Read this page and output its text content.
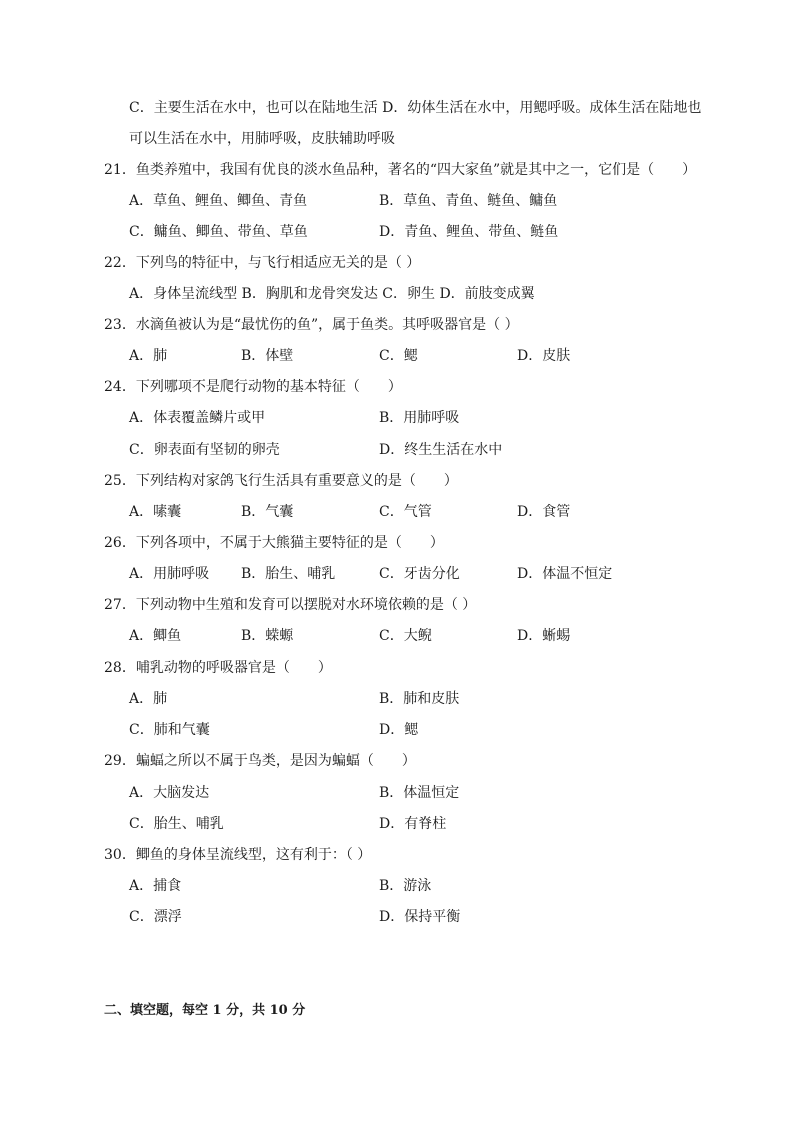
C．主要生活在水中，也可以在陆地生活 D．幼体生活在水中，用鳃呼吸。成体生活在陆地也
可以生活在水中，用肺呼吸，皮肤辅助呼吸
21．鱼类养殖中，我国有优良的淡水鱼品种，著名的“四大家鱼”就是其中之一，它们是（　　）
A．草鱼、鲤鱼、鲫鱼、青鱼	B．草鱼、青鱼、鲢鱼、鳙鱼
C．鳙鱼、鲫鱼、带鱼、草鱼	D．青鱼、鲤鱼、带鱼、鲢鱼
22．下列鸟的特征中，与飞行相适应无关的是（ ）
A．身体呈流线型 B．胸肌和龙骨突发达 C．卵生 D．前肢变成翼
23．水滴鱼被认为是“最忧伤的鱼”，属于鱼类。其呼吸器官是（ ）
A．肺	B．体壁	C．鳃	D．皮肤
24．下列哪项不是爬行动物的基本特征（　　）
A．体表覆盖鳞片或甲	B．用肺呼吸
C．卵表面有坚韧的卵壳	D．终生生活在水中
25．下列结构对家鸽飞行生活具有重要意义的是（　　）
A．嗉囊	B．气囊	C．气管	D．食管
26．下列各项中，不属于大熊猫主要特征的是（　　）
A．用肺呼吸 B．胎生、哺乳	C．牙齿分化	D．体温不恒定
27．下列动物中生殖和发育可以摆脱对水环境依赖的是（ ）
A．鲫鱼	B．蝾螈	C．大鲵	D．蜥蜴
28．哺乳动物的呼吸器官是（　　）
A．肺	B．肺和皮肤
C．肺和气囊	D．鳃
29．蝙蝠之所以不属于鸟类，是因为蝙蝠（　　）
A．大脑发达	B．体温恒定
C．胎生、哺乳	D．有脊柱
30．鲫鱼的身体呈流线型，这有利于：（ ）
A．捕食	B．游泳
C．漂浮	D．保持平衡
二、填空题，每空 1 分，共 10 分
